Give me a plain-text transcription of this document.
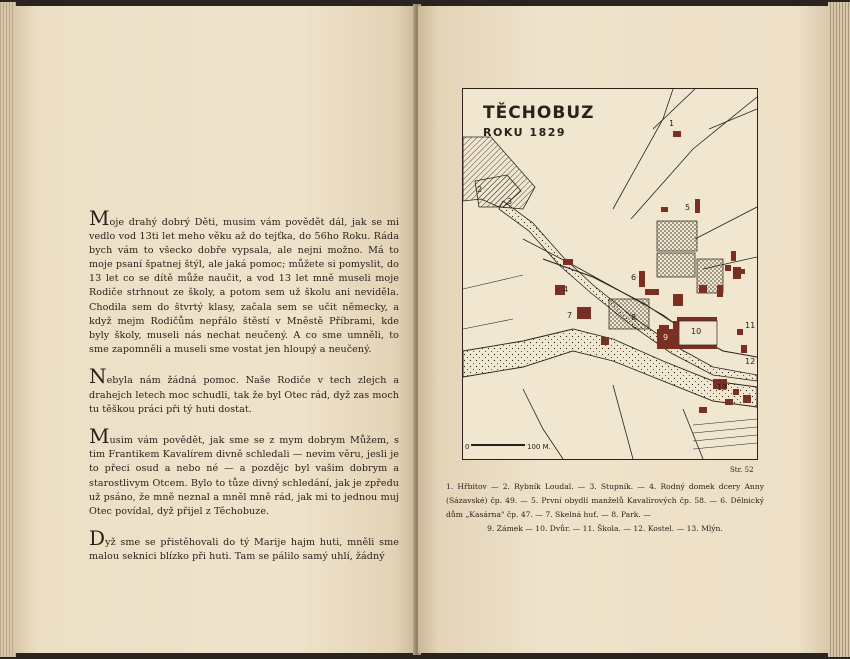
Moje drahý dobrý Děti, musim vám povědět dál, jak se mi vedlo vod 13ti let meho věku až do tejťka, do 56ho Roku. Ráda bych vám to všecko dobře vypsala, ale nejni možno. Má to moje psaní špatnej štýl, ale jaká pomoc; můžete si pomyslit, do 13 let co se dítě může naučit, a vod 13 let mně museli moje Rodiče strhnout ze školy, a potom sem už školu ani neviděla. Chodila sem do štvrtý klasy, začala sem se učit německy, a když mejm Rodičům nepřálo štěstí v Mněstě Příbrami, kde byly školy, museli nás nechat neučený. A co sme umněli, to sme zapomněli a museli sme vostat jen hloupý a neučený.

Nebyla nám žádná pomoc. Naše Rodiče v tech zlejch a drahejch letech moc schudli, tak že byl Otec rád, dyž zas moch tu těškou práci při tý huti dostat.

Musim vám povědět, jak sme se z mym dobrym Můžem, s tim Frantikem Kavalírem divně schledali — nevim věru, jesli je to přeci osud a nebo né — a pozdějc byl vašim dobrym a starostlivym Otcem. Bylo to tůze divný schledání, jak je zpředu už psáno, že mně neznal a mněl mně rád, jak mi to jednou muj Otec povídal, dyž přijel z Těchobuze.

Dyž sme se přistěhovali do tý Marije hajm huti, mněli sme malou seknici blízko při huti. Tam se pálilo samý uhlí, žádný

TĚCHOBUZ
ROKU 1829
1
2
3
4
5
6
7	8
9
10
11
12
13
0	100 M.
Str. 52
1. Hřbitov — 2. Rybník Loudal. — 3. Stupník. — 4. Rodný domek dcery Anny (Sázavské) čp. 49. — 5. První obydlí manželů Kavalírových čp. 58. — 6. Dělnický dům „Kasárna" čp. 47. — 7. Skelná huť. — 8. Park. —
9. Zámek — 10. Dvůr. — 11. Škola. — 12. Kostel. — 13. Mlýn.
